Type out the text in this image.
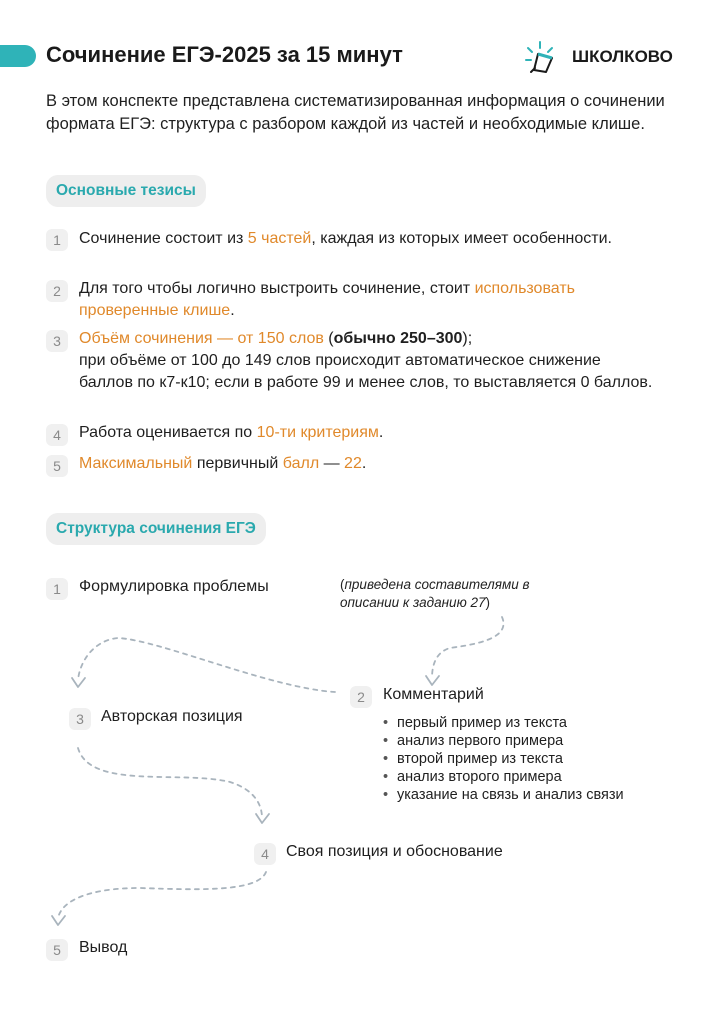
Сочинение ЕГЭ-2025 за 15 минут	ШКОЛКОВО
В этом конспекте представлена систематизированная информация о сочинении формата ЕГЭ: структура с разбором каждой из частей и необходимые клише.
Основные тезисы
1	Сочинение состоит из 5 частей, каждая из которых имеет особенности.
2	Для того чтобы логично выстроить сочинение, стоит использовать проверенные клише.
3	Объём сочинения — от 150 слов (обычно 250–300);
при объёме от 100 до 149 слов происходит автоматическое снижение баллов по к7-к10; если в работе 99 и менее слов, то выставляется 0 баллов.
4	Работа оценивается по 10-ти критериям.
5	Максимальный первичный балл — 22.
Структура сочинения ЕГЭ
1	Формулировка проблемы	(приведена составителями в описании к заданию 27)
2	Комментарий
• первый пример из текста
• анализ первого примера
• второй пример из текста
• анализ второго примера
• указание на связь и анализ связи
3	Авторская позиция
4	Своя позиция и обоснование
5	Вывод
